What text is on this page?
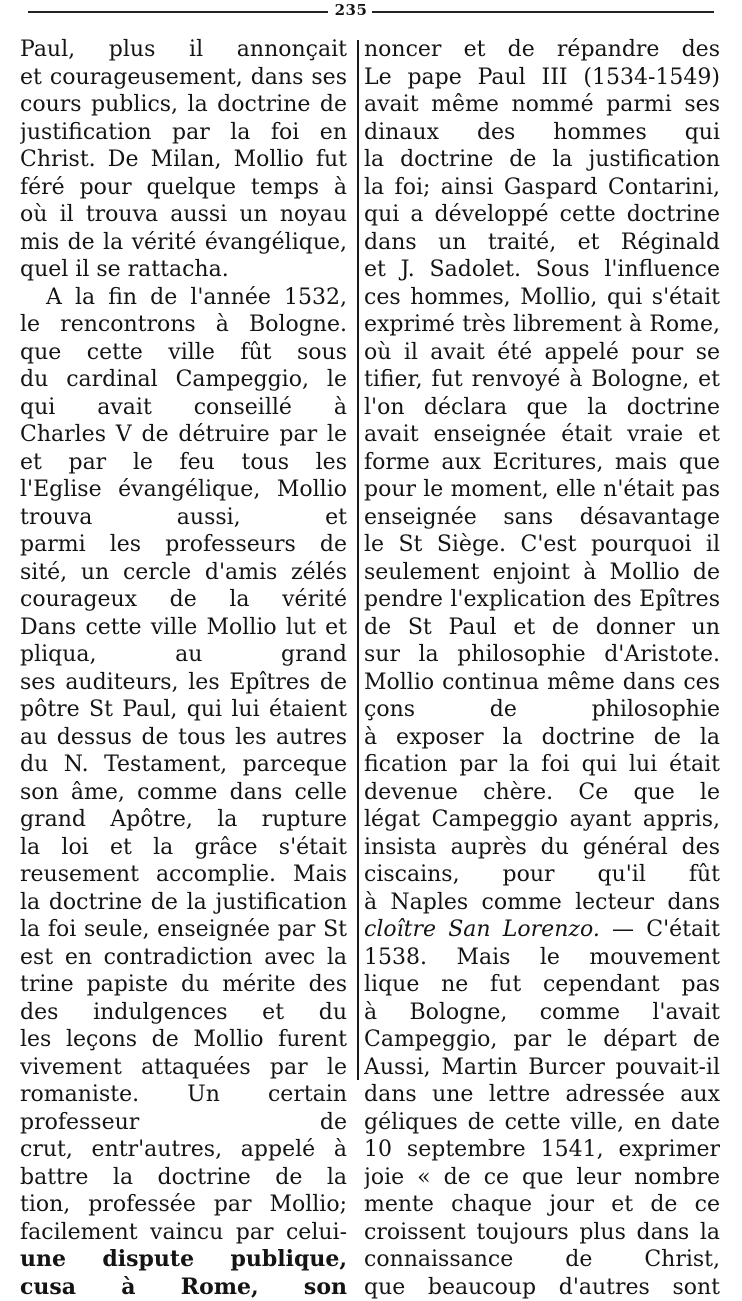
235
Paul, plus il annonçait
et courageusement, dans ses
cours publics, la doctrine de
justification par la foi en
Christ. De Milan, Mollio fut
féré pour quelque temps à
où il trouva aussi un noyau
mis de la vérité évangélique,
quel il se rattacha.
A la fin de l'année 1532,
le rencontrons à Bologne.
que cette ville fût sous
du cardinal Campeggio, le
qui avait conseillé à
Charles V de détruire par le
et par le feu tous les
l'Eglise évangélique, Mollio
trouva aussi, et
parmi les professeurs de
sité, un cercle d'amis zélés
courageux de la vérité
Dans cette ville Mollio lut et
pliqua, au grand
ses auditeurs, les Epîtres de
pôtre St Paul, qui lui étaient
au dessus de tous les autres
du N. Testament, parceque
son âme, comme dans celle
grand Apôtre, la rupture
la loi et la grâce s'était
reusement accomplie. Mais
la doctrine de la justification
la foi seule, enseignée par St
est en contradiction avec la
trine papiste du mérite des
des indulgences et du
les leçons de Mollio furent
vivement attaquées par le
romaniste. Un certain
professeur de
crut, entr'autres, appelé à
battre la doctrine de la
tion, professée par Mollio;
facilement vaincu par celui-
une dispute publique,
cusa à Rome, son
noncer et de répandre des
Le pape Paul III (1534-1549)
avait même nommé parmi ses
dinaux des hommes qui
la doctrine de la justification
la foi; ainsi Gaspard Contarini,
qui a développé cette doctrine
dans un traité, et Réginald
et J. Sadolet. Sous l'influence
ces hommes, Mollio, qui s'était
exprimé très librement à Rome,
où il avait été appelé pour se
tifier, fut renvoyé à Bologne, et
l'on déclara que la doctrine
avait enseignée était vraie et
forme aux Ecritures, mais que
pour le moment, elle n'était pas
enseignée sans désavantage
le St Siège. C'est pourquoi il
seulement enjoint à Mollio de
pendre l'explication des Epîtres
de St Paul et de donner un
sur la philosophie d'Aristote.
Mollio continua même dans ces
çons de philosophie
à exposer la doctrine de la
fication par la foi qui lui était
devenue chère. Ce que le
légat Campeggio ayant appris,
insista auprès du général des
ciscains, pour qu'il fût
à Naples comme lecteur dans
cloître San Lorenzo. — C'était
1538. Mais le mouvement
lique ne fut cependant pas
à Bologne, comme l'avait
Campeggio, par le départ de
Aussi, Martin Burcer pouvait-il
dans une lettre adressée aux
géliques de cette ville, en date
10 septembre 1541, exprimer
joie « de ce que leur nombre
mente chaque jour et de ce
croissent toujours plus dans la
connaissance de Christ,
que beaucoup d'autres sont
